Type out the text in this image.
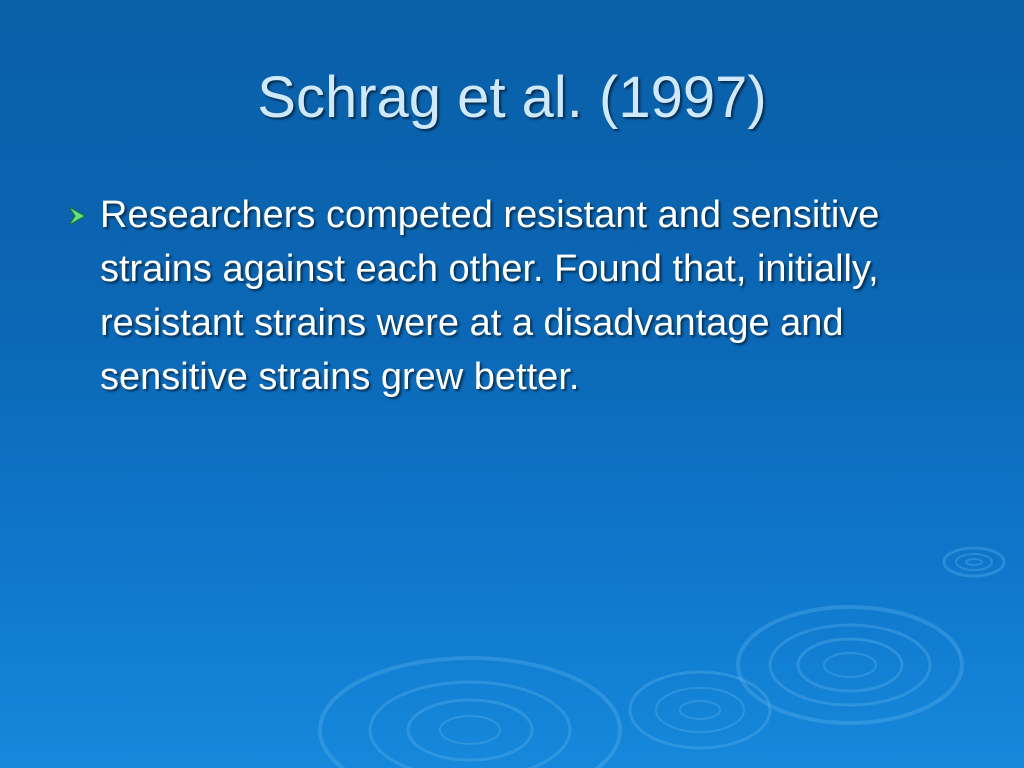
Schrag et al. (1997)
Researchers competed resistant and sensitive strains against each other. Found that, initially, resistant strains were at a disadvantage and sensitive strains grew better.
